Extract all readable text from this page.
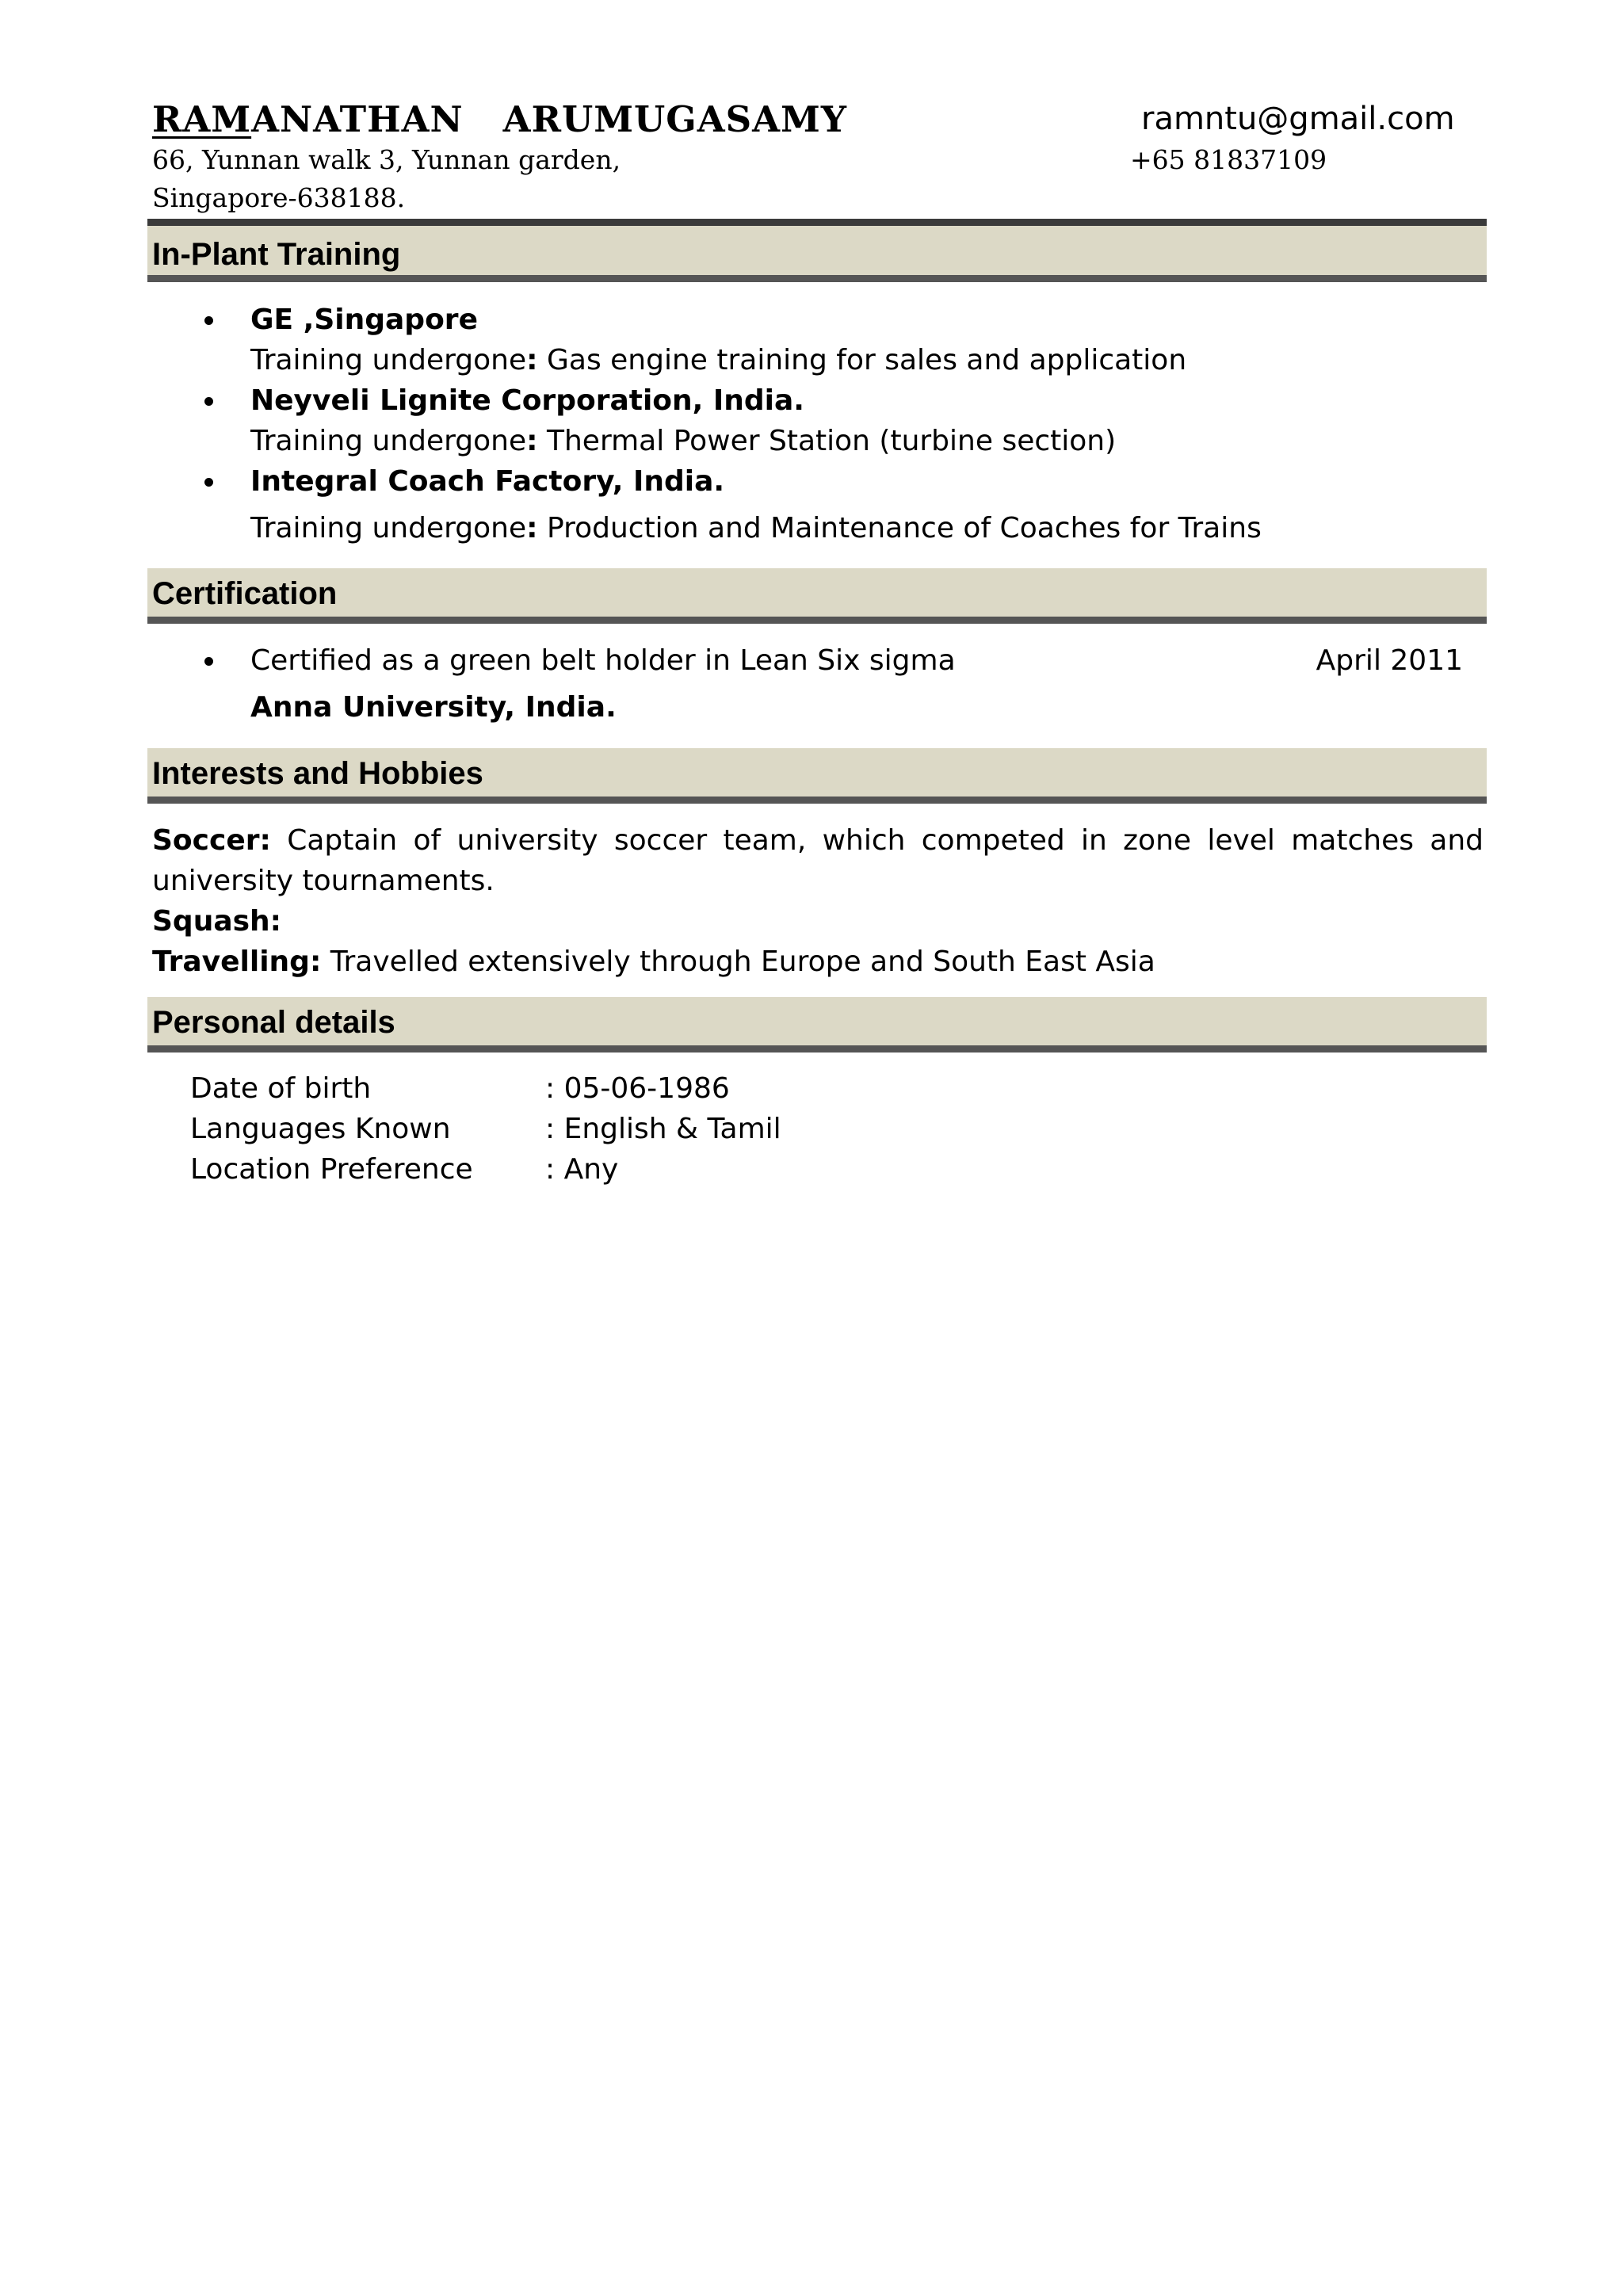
RAMANATHAN   ARUMUGASAMY	ramntu@gmail.com
66, Yunnan walk 3, Yunnan garden,	+65 81837109
Singapore-638188.
In-Plant Training
GE ,Singapore
Training undergone: Gas engine training for sales and application
Neyveli Lignite Corporation, India.
Training undergone: Thermal Power Station (turbine section)
Integral Coach Factory, India.
Training undergone: Production and Maintenance of Coaches for Trains
Certification
Certified as a green belt holder in Lean Six sigma	April 2011
Anna University, India.
Interests and Hobbies
Soccer: Captain of university soccer team, which competed in zone level matches and university tournaments.
Squash:
Travelling: Travelled extensively through Europe and South East Asia
Personal details
Date of birth	: 05-06-1986
Languages Known	: English & Tamil
Location Preference	: Any
